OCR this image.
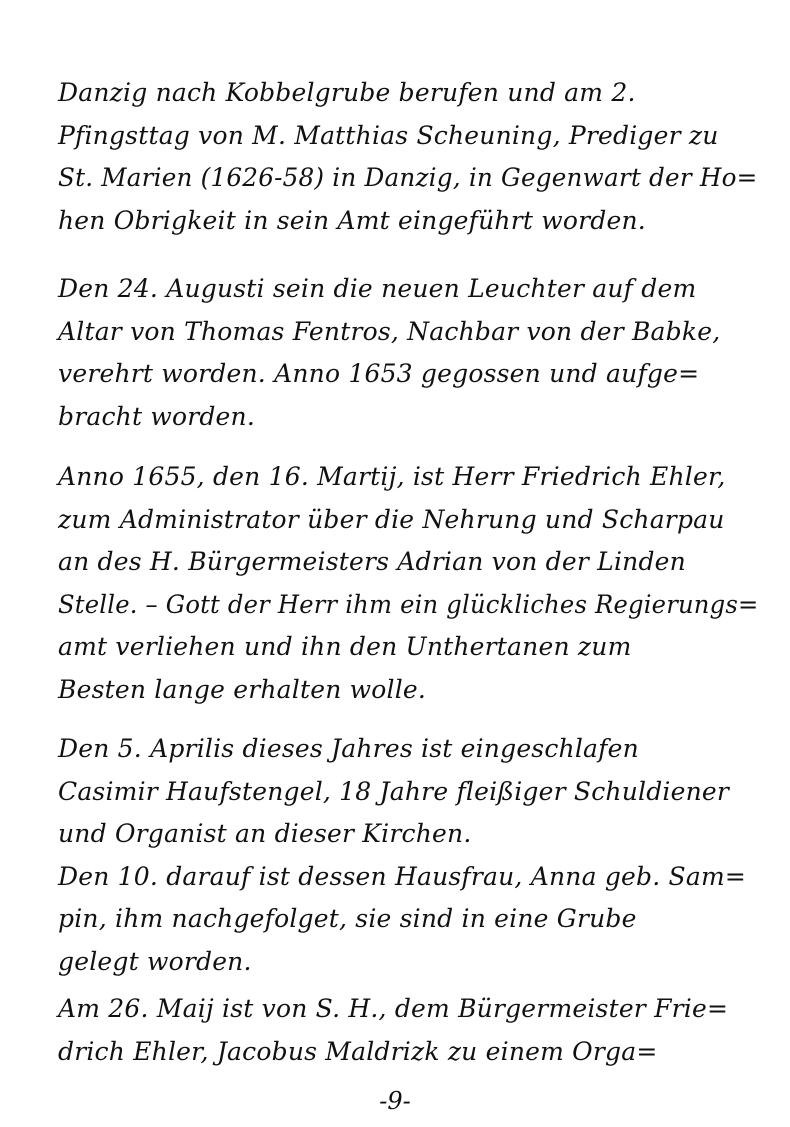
Danzig nach Kobbelgrube berufen und am 2.
Pfingsttag von M. Matthias Scheuning, Prediger zu
St. Marien (1626-58) in Danzig, in Gegenwart der Ho=
hen Obrigkeit in sein Amt eingeführt worden.
Den 24. Augusti sein die neuen Leuchter auf dem
Altar von Thomas Fentros, Nachbar von der Babke,
verehrt worden. Anno 1653 gegossen und aufge=
bracht worden.
Anno 1655, den 16. Martij, ist Herr Friedrich Ehler,
zum Administrator über die Nehrung und Scharpau
an des H. Bürgermeisters Adrian von der Linden
Stelle. – Gott der Herr ihm ein glückliches Regierungs=
amt verliehen und ihn den Unthertanen zum
Besten lange erhalten wolle.
Den 5. Aprilis dieses Jahres ist eingeschlafen
Casimir Haufstengel, 18 Jahre fleißiger Schuldiener
und Organist an dieser Kirchen.
Den 10. darauf ist dessen Hausfrau, Anna geb. Sam=
pin, ihm nachgefolget, sie sind in eine Grube
gelegt worden.
Am 26. Maij ist von S. H., dem Bürgermeister Frie=
drich Ehler, Jacobus Maldrizk zu einem Orga=
-9-
